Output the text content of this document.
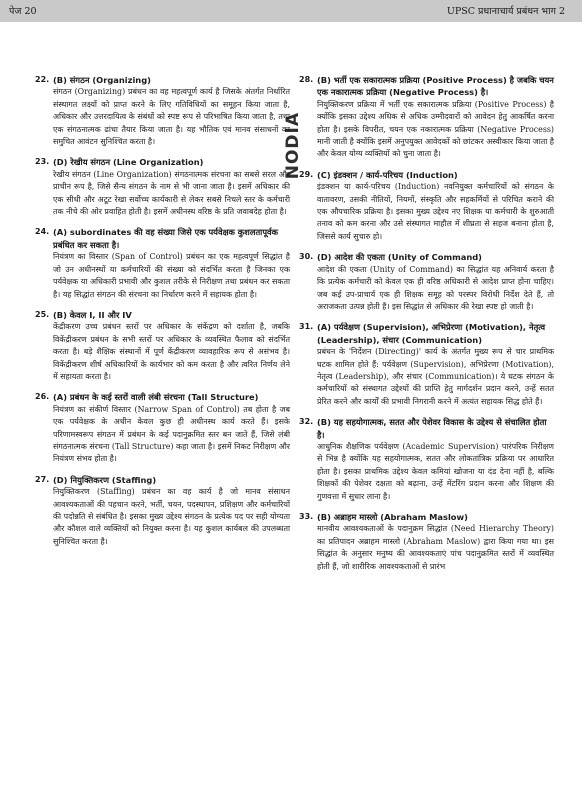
पेज 20	UPSC प्रधानाचार्य प्रबंधन भाग 2
NODIA
22. (B) संगठन (Organizing)
संगठन (Organizing) प्रबंधन का वह महत्वपूर्ण कार्य है जिसके अंतर्गत निर्धारित संस्थागत लक्ष्यों को प्राप्त करने के लिए गतिविधियों का समूहन किया जाता है, अधिकार और उत्तरदायित्व के संबंधों को स्पष्ट रूप से परिभाषित किया जाता है, तथा एक संगठनात्मक ढांचा तैयार किया जाता है। यह भौतिक एवं मानव संसाधनों का समुचित आवंटन सुनिश्चित करता है।
23. (D) रेखीय संगठन (Line Organization)
रेखीय संगठन (Line Organization) संगठनात्मक संरचना का सबसे सरल और प्राचीन रूप है, जिसे सैन्य संगठन के नाम से भी जाना जाता है। इसमें अधिकार की एक सीधी और अटूट रेखा सर्वोच्च कार्यकारी से लेकर सबसे निचले स्तर के कर्मचारी तक नीचे की ओर प्रवाहित होती है। इसमें अधीनस्थ वरिष्ठ के प्रति जवाबदेह होता है।
24. (A) subordinates की वह संख्या जिसे एक पर्यवेक्षक कुशलतापूर्वक प्रबंधित कर सकता है।
नियंत्रण का विस्तार (Span of Control) प्रबंधन का एक महत्वपूर्ण सिद्धांत है जो उन अधीनस्थों या कर्मचारियों की संख्या को संदर्भित करता है जिनका एक पर्यवेक्षक या अधिकारी प्रभावी और कुशल तरीके से निरीक्षण तथा प्रबंधन कर सकता है। यह सिद्धांत संगठन की संरचना का निर्धारण करने में सहायक होता है।
25. (B) केवल I, II और IV
केंद्रीकरण उच्च प्रबंधन स्तरों पर अधिकार के संकेंद्रण को दर्शाता है, जबकि विकेंद्रीकरण प्रबंधन के सभी स्तरों पर अधिकार के व्यवस्थित फैलाव को संदर्भित करता है। बड़े शैक्षिक संस्थानों में पूर्ण केंद्रीकरण व्यावहारिक रूप से असंभव है। विकेंद्रीकरण शीर्ष अधिकारियों के कार्यभार को कम करता है और त्वरित निर्णय लेने में सहायता करता है।
26. (A) प्रबंधन के कई स्तरों वाली लंबी संरचना (Tall Structure)
नियंत्रण का संकीर्ण विस्तार (Narrow Span of Control) तब होता है जब एक पर्यवेक्षक के अधीन केवल कुछ ही अधीनस्थ कार्य करते हैं। इसके परिणामस्वरूप संगठन में प्रबंधन के कई पदानुक्रमित स्तर बन जाते हैं, जिसे लंबी संगठनात्मक संरचना (Tall Structure) कहा जाता है। इसमें निकट निरीक्षण और नियंत्रण संभव होता है।
27. (D) नियुक्तिकरण (Staffing)
नियुक्तिकरण (Staffing) प्रबंधन का वह कार्य है जो मानव संसाधन आवश्यकताओं की पहचान करने, भर्ती, चयन, पदस्थापन, प्रशिक्षण और कर्मचारियों की पदोन्नति से संबंधित है। इसका मुख्य उद्देश्य संगठन के प्रत्येक पद पर सही योग्यता और कौशल वाले व्यक्तियों को नियुक्त करना है। यह कुशल कार्यबल की उपलब्धता सुनिश्चित करता है।
28. (B) भर्ती एक सकारात्मक प्रक्रिया (Positive Process) है जबकि चयन एक नकारात्मक प्रक्रिया (Negative Process) है।
नियुक्तिकरण प्रक्रिया में भर्ती एक सकारात्मक प्रक्रिया (Positive Process) है क्योंकि इसका उद्देश्य अधिक से अधिक उम्मीदवारों को आवेदन हेतु आकर्षित करना होता है। इसके विपरीत, चयन एक नकारात्मक प्रक्रिया (Negative Process) मानी जाती है क्योंकि इसमें अनुपयुक्त आवेदकों को छांटकर अस्वीकार किया जाता है और केवल योग्य व्यक्तियों को चुना जाता है।
29. (C) इंडक्शन / कार्य-परिचय (Induction)
इंडक्शन या कार्य-परिचय (Induction) नवनियुक्त कर्मचारियों को संगठन के वातावरण, उसकी नीतियों, नियमों, संस्कृति और सहकर्मियों से परिचित कराने की एक औपचारिक प्रक्रिया है। इसका मुख्य उद्देश्य नए शिक्षक या कर्मचारी के शुरुआती तनाव को कम करना और उसे संस्थागत माहौल में शीघ्रता से सहज बनाना होता है, जिससे कार्य सुचारु हो।
30. (D) आदेश की एकता (Unity of Command)
आदेश की एकता (Unity of Command) का सिद्धांत यह अनिवार्य करता है कि प्रत्येक कर्मचारी को केवल एक ही वरिष्ठ अधिकारी से आदेश प्राप्त होना चाहिए। जब कई उप-प्राचार्य एक ही शिक्षक समूह को परस्पर विरोधी निर्देश देते हैं, तो अराजकता उत्पन्न होती है। इस सिद्धांत से अधिकार की रेखा स्पष्ट हो जाती है।
31. (A) पर्यवेक्षण (Supervision), अभिप्रेरणा (Motivation), नेतृत्व (Leadership), संचार (Communication)
प्रबंधन के 'निर्देशन (Directing)' कार्य के अंतर्गत मुख्य रूप से चार प्राथमिक घटक शामिल होते हैं: पर्यवेक्षण (Supervision), अभिप्रेरणा (Motivation), नेतृत्व (Leadership), और संचार (Communication)। ये घटक संगठन के कर्मचारियों को संस्थागत उद्देश्यों की प्राप्ति हेतु मार्गदर्शन प्रदान करने, उन्हें सतत प्रेरित करने और कार्यों की प्रभावी निगरानी करने में अत्यंत सहायक सिद्ध होते हैं।
32. (B) यह सहयोगात्मक, सतत और पेशेवर विकास के उद्देश्य से संचालित होता है।
आधुनिक शैक्षणिक पर्यवेक्षण (Academic Supervision) पारंपरिक निरीक्षण से भिन्न है क्योंकि यह सहयोगात्मक, सतत और लोकतांत्रिक प्रक्रिया पर आधारित होता है। इसका प्राथमिक उद्देश्य केवल कमियां खोजना या दंड देना नहीं है, बल्कि शिक्षकों की पेशेवर दक्षता को बढ़ाना, उन्हें मेंटरिंग प्रदान करना और शिक्षण की गुणवत्ता में सुधार लाना है।
33. (B) अब्राहम मास्लो (Abraham Maslow)
मानवीय आवश्यकताओं के पदानुक्रम सिद्धांत (Need Hierarchy Theory) का प्रतिपादन अब्राहम मास्लो (Abraham Maslow) द्वारा किया गया था। इस सिद्धांत के अनुसार मनुष्य की आवश्यकताएं पांच पदानुक्रमित स्तरों में व्यवस्थित होती हैं, जो शारीरिक आवश्यकताओं से प्रारंभ
